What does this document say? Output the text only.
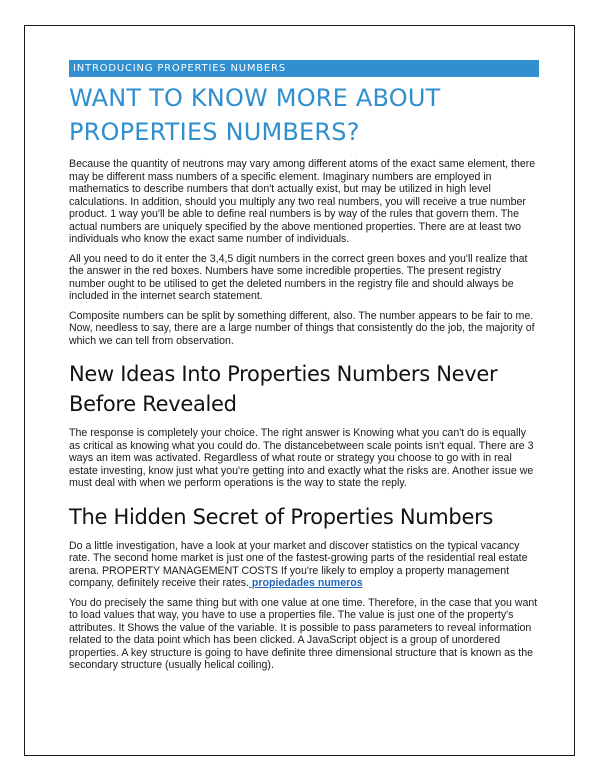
INTRODUCING PROPERTIES NUMBERS
WANT TO KNOW MORE ABOUT
PROPERTIES NUMBERS?

Because the quantity of neutrons may vary among different atoms of the exact same element, there may be different mass numbers of a specific element. Imaginary numbers are employed in mathematics to describe numbers that don't actually exist, but may be utilized in high level calculations. In addition, should you multiply any two real numbers, you will receive a true number product. 1 way you'll be able to define real numbers is by way of the rules that govern them. The actual numbers are uniquely specified by the above mentioned properties. There are at least two individuals who know the exact same number of individuals.

All you need to do it enter the 3,4,5 digit numbers in the correct green boxes and you'll realize that the answer in the red boxes. Numbers have some incredible properties. The present registry number ought to be utilised to get the deleted numbers in the registry file and should always be included in the internet search statement.

Composite numbers can be split by something different, also. The number appears to be fair to me. Now, needless to say, there are a large number of things that consistently do the job, the majority of which we can tell from observation.

New Ideas Into Properties Numbers Never
Before Revealed

The response is completely your choice. The right answer is Knowing what you can't do is equally as critical as knowing what you could do. The distancebetween scale points isn't equal. There are 3 ways an item was activated. Regardless of what route or strategy you choose to go with in real estate investing, know just what you're getting into and exactly what the risks are. Another issue we must deal with when we perform operations is the way to state the reply.

The Hidden Secret of Properties Numbers

Do a little investigation, have a look at your market and discover statistics on the typical vacancy rate. The second home market is just one of the fastest-growing parts of the residential real estate arena. PROPERTY MANAGEMENT COSTS If you're likely to employ a property management company, definitely receive their rates. propiedades numeros

You do precisely the same thing but with one value at one time. Therefore, in the case that you want to load values that way, you have to use a properties file. The value is just one of the property's attributes. It Shows the value of the variable. It is possible to pass parameters to reveal information related to the data point which has been clicked. A JavaScript object is a group of unordered properties. A key structure is going to have definite three dimensional structure that is known as the secondary structure (usually helical coiling).
